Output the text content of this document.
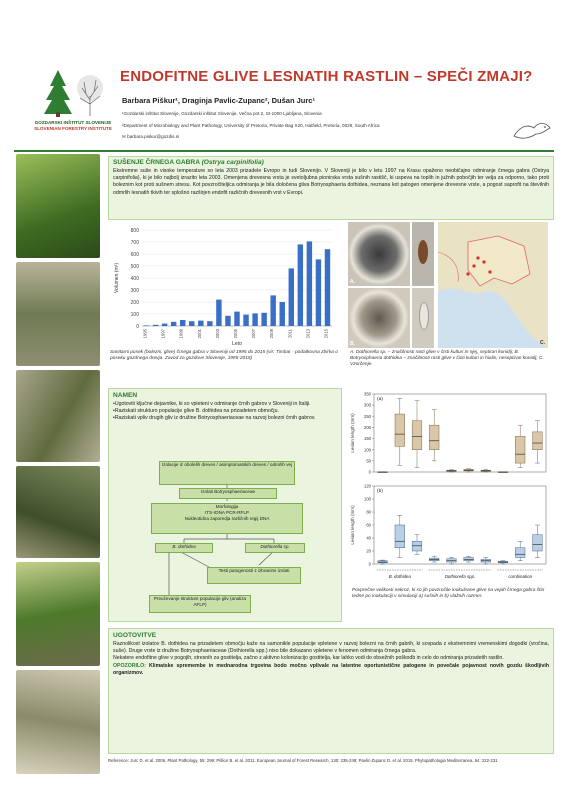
GOZDARSKI INŠTITUT SLOVENIJE
SLOVENIAN FORESTRY INSTITUTE
ENDOFITNE GLIVE LESNATIH RASTLIN – SPEČI ZMAJI?
Barbara Piškur¹, Draginja Pavlic-Zupanc², Dušan Jurc¹
¹Gozdarski inštitut Slovenije, Gozdarski inštitut Slovenije, Večna pot 2, SI-1000 Ljubljana, Slovenia
²Department of Microbiology and Plant Pathology, University of Pretoria, Private Bag X20, Hatfield, Pretoria, 0028, South Africa
✉ barbara.piskur@gozdis.si
SUŠENJE ČRNEGA GABRA (Ostrya carpinifolia)
Ekstremne suše in visoke temperature so leta 2003 prizadele Evropo in tudi Slovenijo. V Sloveniji je bilo v letu 1997 na Krasu opaženo neobičajno odmiranje črnega gabra (Ostrya carpinifolia), ki je bilo najbolj izrazito leta 2003. Omenjena drevesna vrsta je svetoljubna pionirska vrsta sušnih rastišč, ki uspeva na toplih in južnih pobočjih ter velja za odporno, tako proti boleznim kot proti sušnem stresu. Kot povzročiteljica odmiranja je bila določena gliva Botryosphaeria dothidea, neznana kot patogen omenjene drevesne vrste, a pogost saprofit na številnih odmrlih lesnatih tkivih ter splošno razširjen endofit različnih drevesnih vrst v Evropi.
0
100
200
300
400
500
600
700
800
1995	1997	1999	2001	2003	2005	2007	2009	2011	2013	2015
Volumen (m³)
Leto
Sanitarni posek (bolezni, glive) črnega gabra v Sloveniji od 1995 do 2015 (vir: Timbar - podatkovna zbirka o poseku gozdnega drevja. Zavod za gozdove Slovenije, 1995-2015)
A.
B.	C.
A. Dothiorella sp. – značilnosti rasti glive v čisti kulturi in njej, septiran konidij; B. Botryosphaeria dothidea – značilnosti rasti glive v čisti kulturi in hialin, neseptiran konidij; C. Vzorčenje.
NAMEN
•Ugotoviti ključne dejavnike, ki so vpleteni v odmiranje črnih gabrov v Sloveniji in Italiji.
•Raziskati strukturo populacije glive B. dothidea na prizadetem območju.
•Raziskati vpliv drugih gliv iz družine Botryosphaeriaceae na razvoj bolezni črnih gabrov.
Izolacije iz obolelih dreves / asimptomatskih dreves / odmrlih vej
Izolati Botryosphaeriaceae
Morfologija
ITS-rDNA PCR-RFLP
Nukleotidna zaporedja različnih regij DNA
B. dothidea	Dothiorella sp.
Testi patogenosti z izbranimi izolati
Preučevanje strukture populacije gliv (analiza AFLP)
(a)
0
50
100
150
200
250
300
350
Lesion length (mm)
(b)
0
20
40
60
80
100
120
Lesion length (mm)
B. dothidea	Dothiorella spp.	combination
Povprečne velikosti nekroz, ki so jih povzročile inokulirane glive na vejah črnega gabra štiri tedne po inokulaciji v simulaciji a) sušnih in b) vlažnih razmer.
UGOTOVITVE
Raznolikost izolatov B. dothidea na prizadetem območju kaže na samonikle populacije vpletene v razvoj bolezni na črnih gabrih, ki sovpada z ekstremnimi vremenskimi dogodki (vročina, suše). Druge vrste iz družine Botryosphaeriaceae (Dothiorella spp.) niso bile dokazano vpletene v fenomen odmiranja črnega gabra.
Nekatere endofitne glive v pogojih, stresnih za gostitelja, začno z aktivno kolonizacijo gostitelja, kar lahko vodi do obsežnih poškodb in celo do odmiranja prizadetih rastlin.
OPOZORILO: Klimatske spremembe in mednarodna trgovina bodo močno vplivale na latentne oportunistične patogene in povečale pojavnost novih gozdu škodljivih organizmov.
Reference: Jurc D. et al. 2006. Plant Pathology, 55: 299; Piškur B. et al. 2011. European Journal of Forest Research, 130: 235-249; Pavlic-Zupanc D. et al. 2015. Phytopathologia Mediterranea, 54: 222-231
